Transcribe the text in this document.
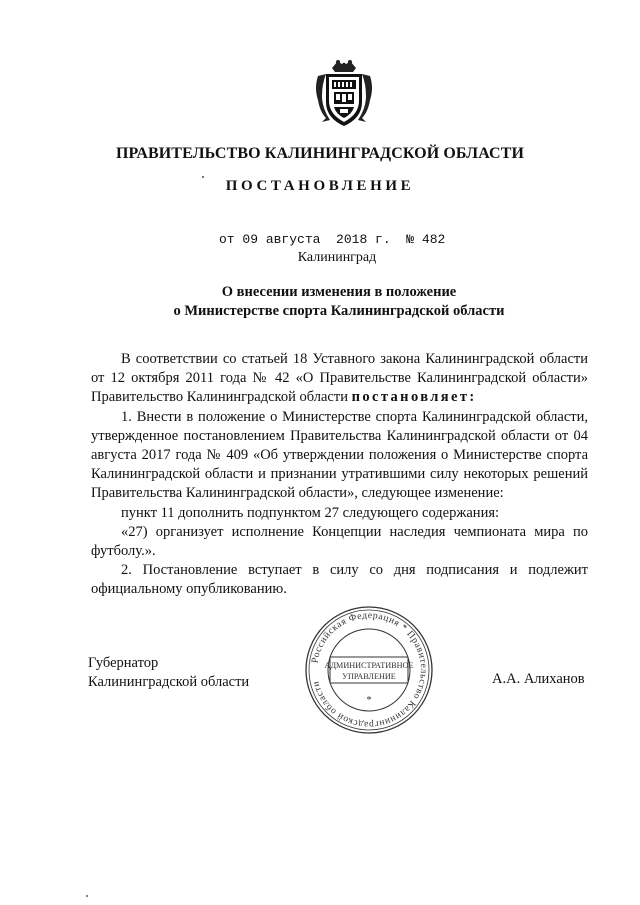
ПРАВИТЕЛЬСТВО КАЛИНИНГРАДСКОЙ ОБЛАСТИ
ПОСТАНОВЛЕНИЕ
от 09 августа 2018 г. № 482
Калининград
О внесении изменения в положение
о Министерстве спорта Калининградской области

В соответствии со статьей 18 Уставного закона Калининградской области от 12 октября 2011 года № 42 «О Правительстве Калининградской области» Правительство Калининградской области постановляет:

1. Внести в положение о Министерстве спорта Калининградской области, утвержденное постановлением Правительства Калининградской области от 04 августа 2017 года № 409 «Об утверждении положения о Министерстве спорта Калининградской области и признании утратившими силу некоторых решений Правительства Калининградской области», следующее изменение:

пункт 11 дополнить подпунктом 27 следующего содержания:

«27) организует исполнение Концепции наследия чемпионата мира по футболу.».

2. Постановление вступает в силу со дня подписания и подлежит официальному опубликованию.

Губернатор
Калининградской области	А.А. Алиханов
Российская Федерация * Правительство Калининградской области
АДМИНИСТРАТИВНОЕ
УПРАВЛЕНИЕ
*
